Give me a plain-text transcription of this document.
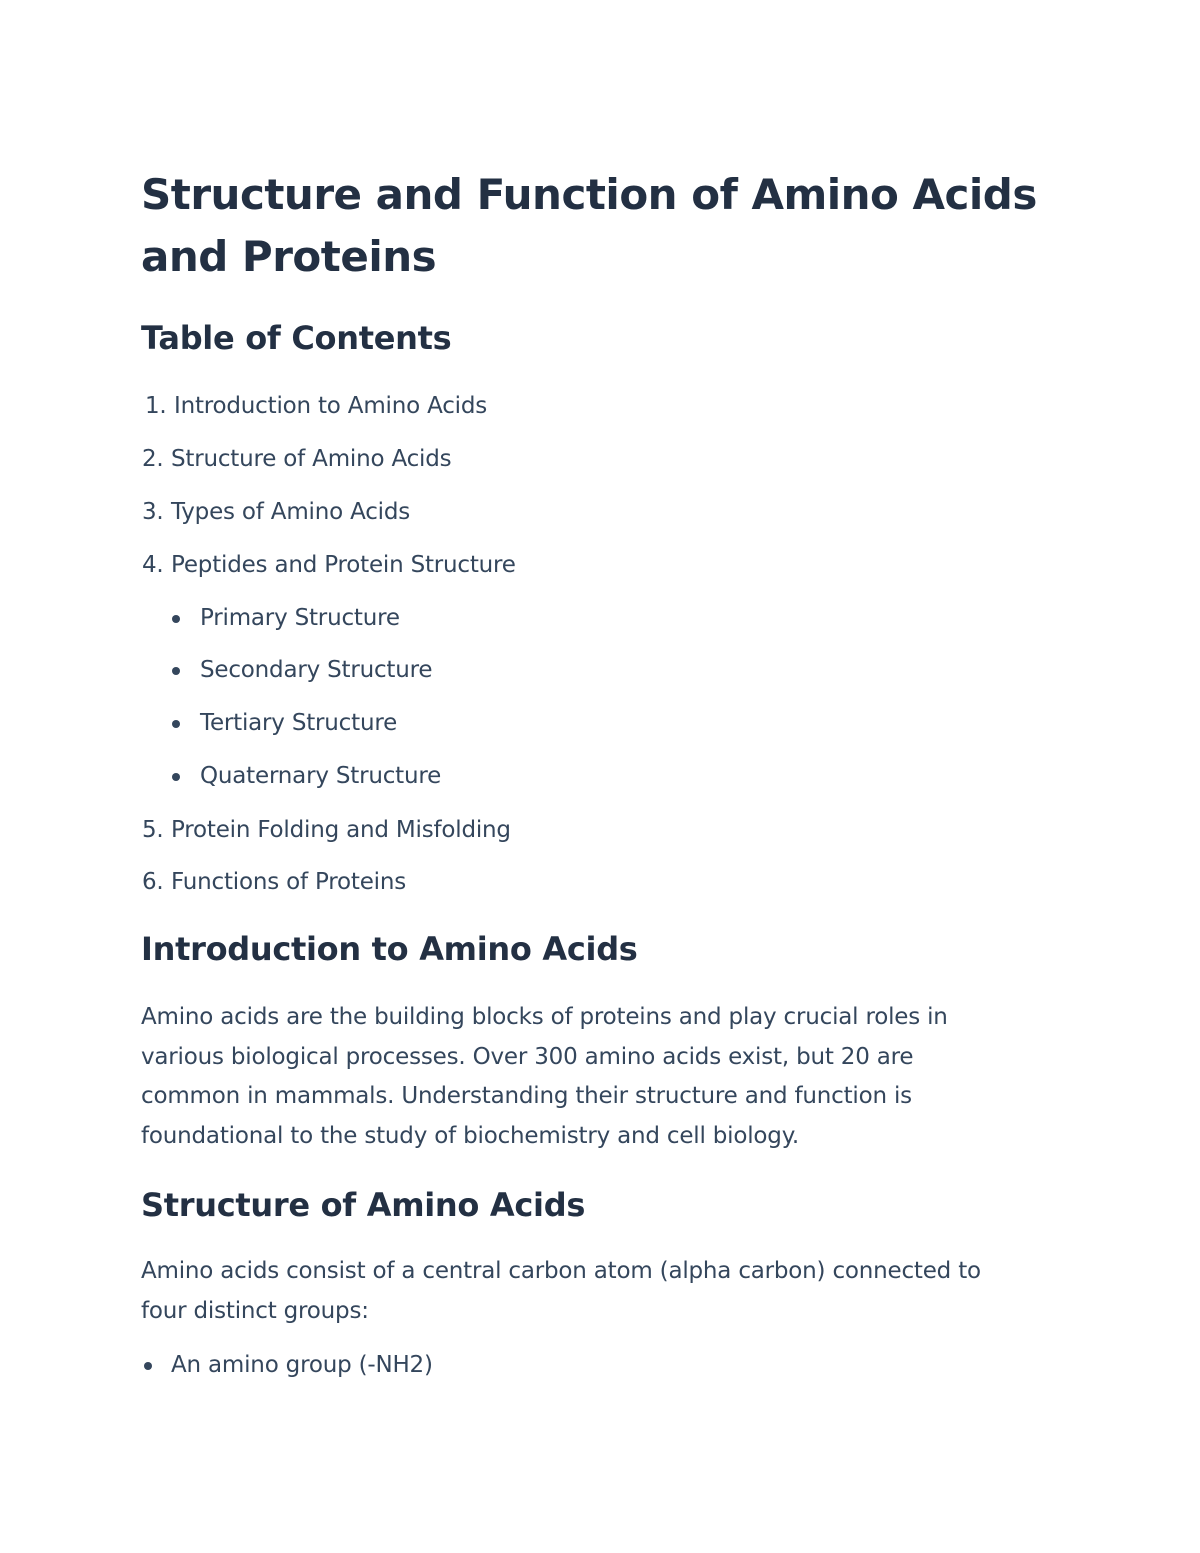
Structure and Function of Amino Acids
and Proteins
Table of Contents
1. Introduction to Amino Acids
2. Structure of Amino Acids
3. Types of Amino Acids
4. Peptides and Protein Structure
Primary Structure
Secondary Structure
Tertiary Structure
Quaternary Structure
5. Protein Folding and Misfolding
6. Functions of Proteins
Introduction to Amino Acids
Amino acids are the building blocks of proteins and play crucial roles in
various biological processes. Over 300 amino acids exist, but 20 are
common in mammals. Understanding their structure and function is
foundational to the study of biochemistry and cell biology.
Structure of Amino Acids
Amino acids consist of a central carbon atom (alpha carbon) connected to
four distinct groups:
An amino group (-NH2)
